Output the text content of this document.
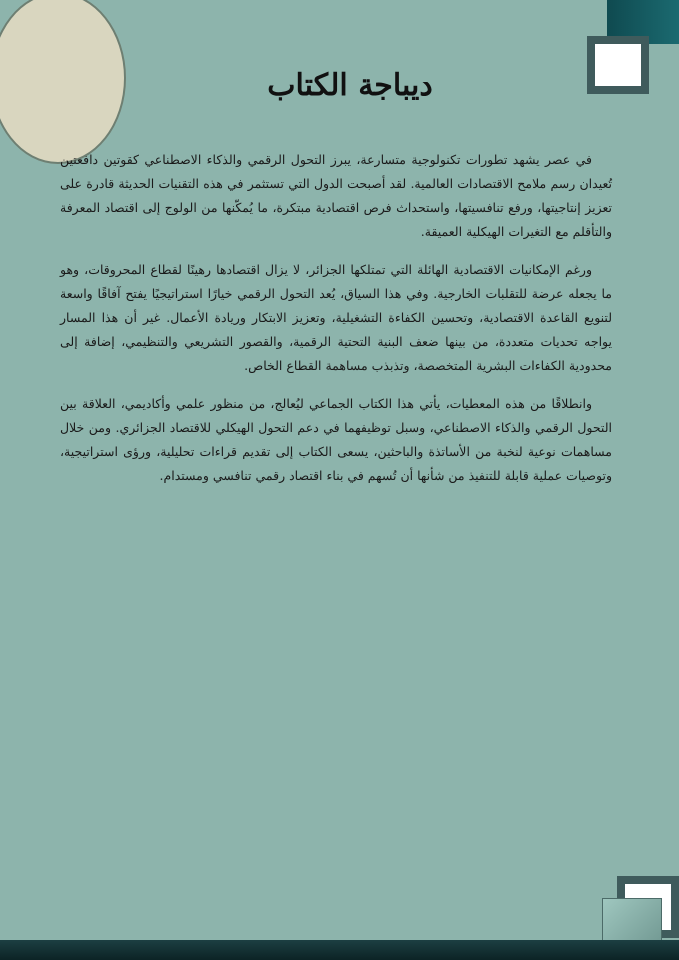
ديباجة الكتاب

في عصر يشهد تطورات تكنولوجية متسارعة، يبرز التحول الرقمي والذكاء الاصطناعي كقوتين دافعتين تُعيدان رسم ملامح الاقتصادات العالمية. لقد أصبحت الدول التي تستثمر في هذه التقنيات الحديثة قادرة على تعزيز إنتاجيتها، ورفع تنافسيتها، واستحداث فرص اقتصادية مبتكرة، ما يُمكّنها من الولوج إلى اقتصاد المعرفة والتأقلم مع التغيرات الهيكلية العميقة.

ورغم الإمكانيات الاقتصادية الهائلة التي تمتلكها الجزائر، لا يزال اقتصادها رهينًا لقطاع المحروقات، وهو ما يجعله عرضة للتقلبات الخارجية. وفي هذا السياق، يُعد التحول الرقمي خيارًا استراتيجيًا يفتح آفاقًا واسعة لتنويع القاعدة الاقتصادية، وتحسين الكفاءة التشغيلية، وتعزيز الابتكار وريادة الأعمال. غير أن هذا المسار يواجه تحديات متعددة، من بينها ضعف البنية التحتية الرقمية، والقصور التشريعي والتنظيمي، إضافة إلى محدودية الكفاءات البشرية المتخصصة، وتذبذب مساهمة القطاع الخاص.

وانطلاقًا من هذه المعطيات، يأتي هذا الكتاب الجماعي ليُعالج، من منظور علمي وأكاديمي، العلاقة بين التحول الرقمي والذكاء الاصطناعي، وسبل توظيفهما في دعم التحول الهيكلي للاقتصاد الجزائري. ومن خلال مساهمات نوعية لنخبة من الأساتذة والباحثين، يسعى الكتاب إلى تقديم قراءات تحليلية، ورؤى استراتيجية، وتوصيات عملية قابلة للتنفيذ من شأنها أن تُسهم في بناء اقتصاد رقمي تنافسي ومستدام.
